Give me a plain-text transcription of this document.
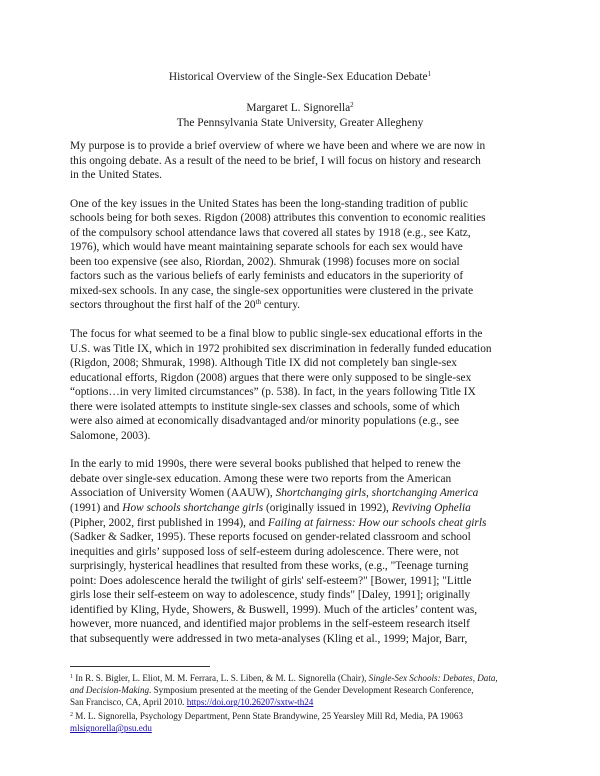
Historical Overview of the Single-Sex Education Debate$^1$
Margaret L. Signorella$^2$
The Pennsylvania State University, Greater Allegheny

My purpose is to provide a brief overview of where we have been and where we are now in
this ongoing debate. As a result of the need to be brief, I will focus on history and research
in the United States.

One of the key issues in the United States has been the long-standing tradition of public
schools being for both sexes. Rigdon (2008) attributes this convention to economic realities
of the compulsory school attendance laws that covered all states by 1918 (e.g., see Katz,
1976), which would have meant maintaining separate schools for each sex would have
been too expensive (see also, Riordan, 2002). Shmurak (1998) focuses more on social
factors such as the various beliefs of early feminists and educators in the superiority of
mixed-sex schools. In any case, the single-sex opportunities were clustered in the private
sectors throughout the first half of the 20th century.

The focus for what seemed to be a final blow to public single-sex educational efforts in the
U.S. was Title IX, which in 1972 prohibited sex discrimination in federally funded education
(Rigdon, 2008; Shmurak, 1998). Although Title IX did not completely ban single-sex
educational efforts, Rigdon (2008) argues that there were only supposed to be single-sex
“options…in very limited circumstances” (p. 538). In fact, in the years following Title IX
there were isolated attempts to institute single-sex classes and schools, some of which
were also aimed at economically disadvantaged and/or minority populations (e.g., see
Salomone, 2003).

In the early to mid 1990s, there were several books published that helped to renew the
debate over single-sex education. Among these were two reports from the American
Association of University Women (AAUW), Shortchanging girls, shortchanging America
(1991) and How schools shortchange girls (originally issued in 1992), Reviving Ophelia
(Pipher, 2002, first published in 1994), and Failing at fairness: How our schools cheat girls
(Sadker & Sadker, 1995). These reports focused on gender-related classroom and school
inequities and girls’ supposed loss of self-esteem during adolescence. There were, not
surprisingly, hysterical headlines that resulted from these works, (e.g., "Teenage turning
point: Does adolescence herald the twilight of girls' self-esteem?" [Bower, 1991]; "Little
girls lose their self-esteem on way to adolescence, study finds" [Daley, 1991]; originally
identified by Kling, Hyde, Showers, & Buswell, 1999). Much of the articles’ content was,
however, more nuanced, and identified major problems in the self-esteem research itself
that subsequently were addressed in two meta-analyses (Kling et al., 1999; Major, Barr,

$^1$ In R. S. Bigler, L. Eliot, M. M. Ferrara, L. S. Liben, & M. L. Signorella (Chair), Single-Sex Schools: Debates, Data,
and Decision-Making. Symposium presented at the meeting of the Gender Development Research Conference,
San Francisco, CA, April 2010. https://doi.org/10.26207/sxtw-th24
$^2$ M. L. Signorella, Psychology Department, Penn State Brandywine, 25 Yearsley Mill Rd, Media, PA 19063
mlsignorella@psu.edu
